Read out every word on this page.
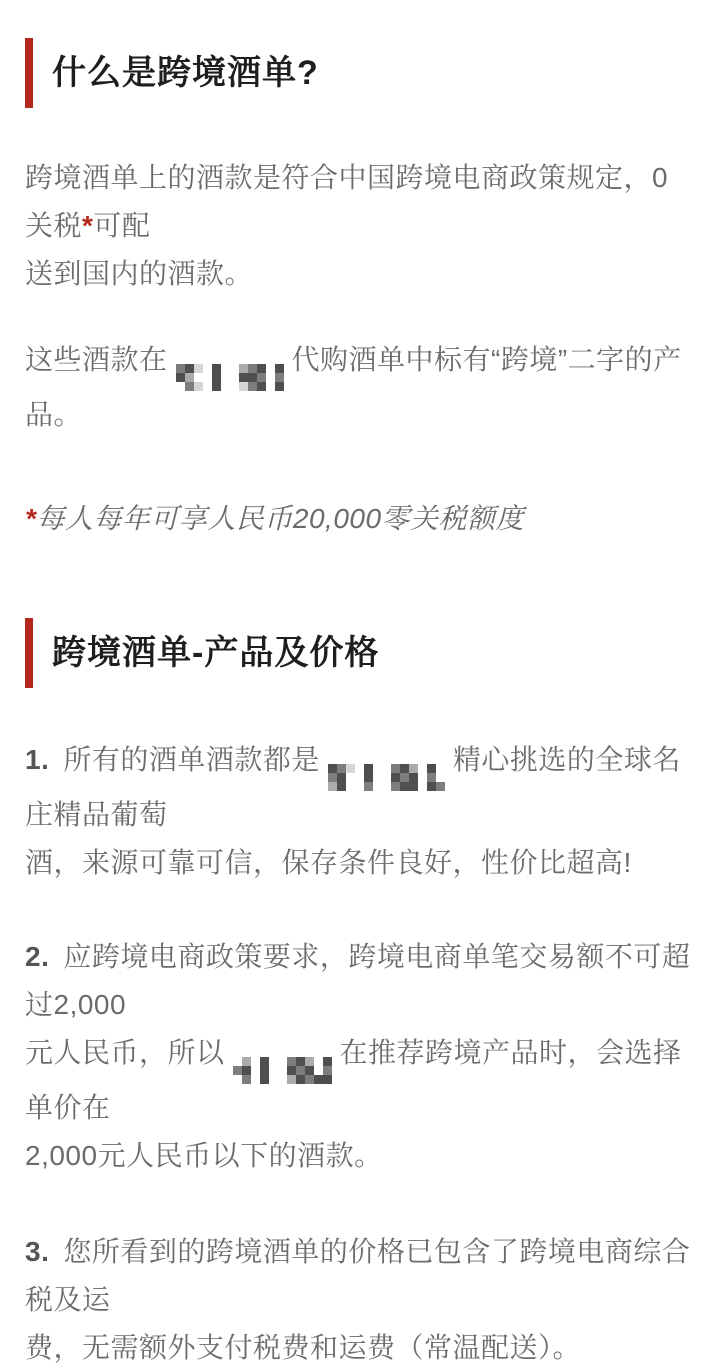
什么是跨境酒单?

跨境酒单上的酒款是符合中国跨境电商政策规定，0关税*可配
送到国内的酒款。

这些酒款在	代购酒单中标有“跨境”二字的产品。

*每人每年可享人民币20,000零关税额度

跨境酒单-产品及价格

1. 所有的酒单酒款都是	精心挑选的全球名庄精品葡萄
酒，来源可靠可信，保存条件良好，性价比超高!

2. 应跨境电商政策要求，跨境电商单笔交易额不可超过2,000
元人民币，所以	在推荐跨境产品时，会选择单价在
2,000元人民币以下的酒款。

3. 您所看到的跨境酒单的价格已包含了跨境电商综合税及运
费，无需额外支付税费和运费（常温配送）。
